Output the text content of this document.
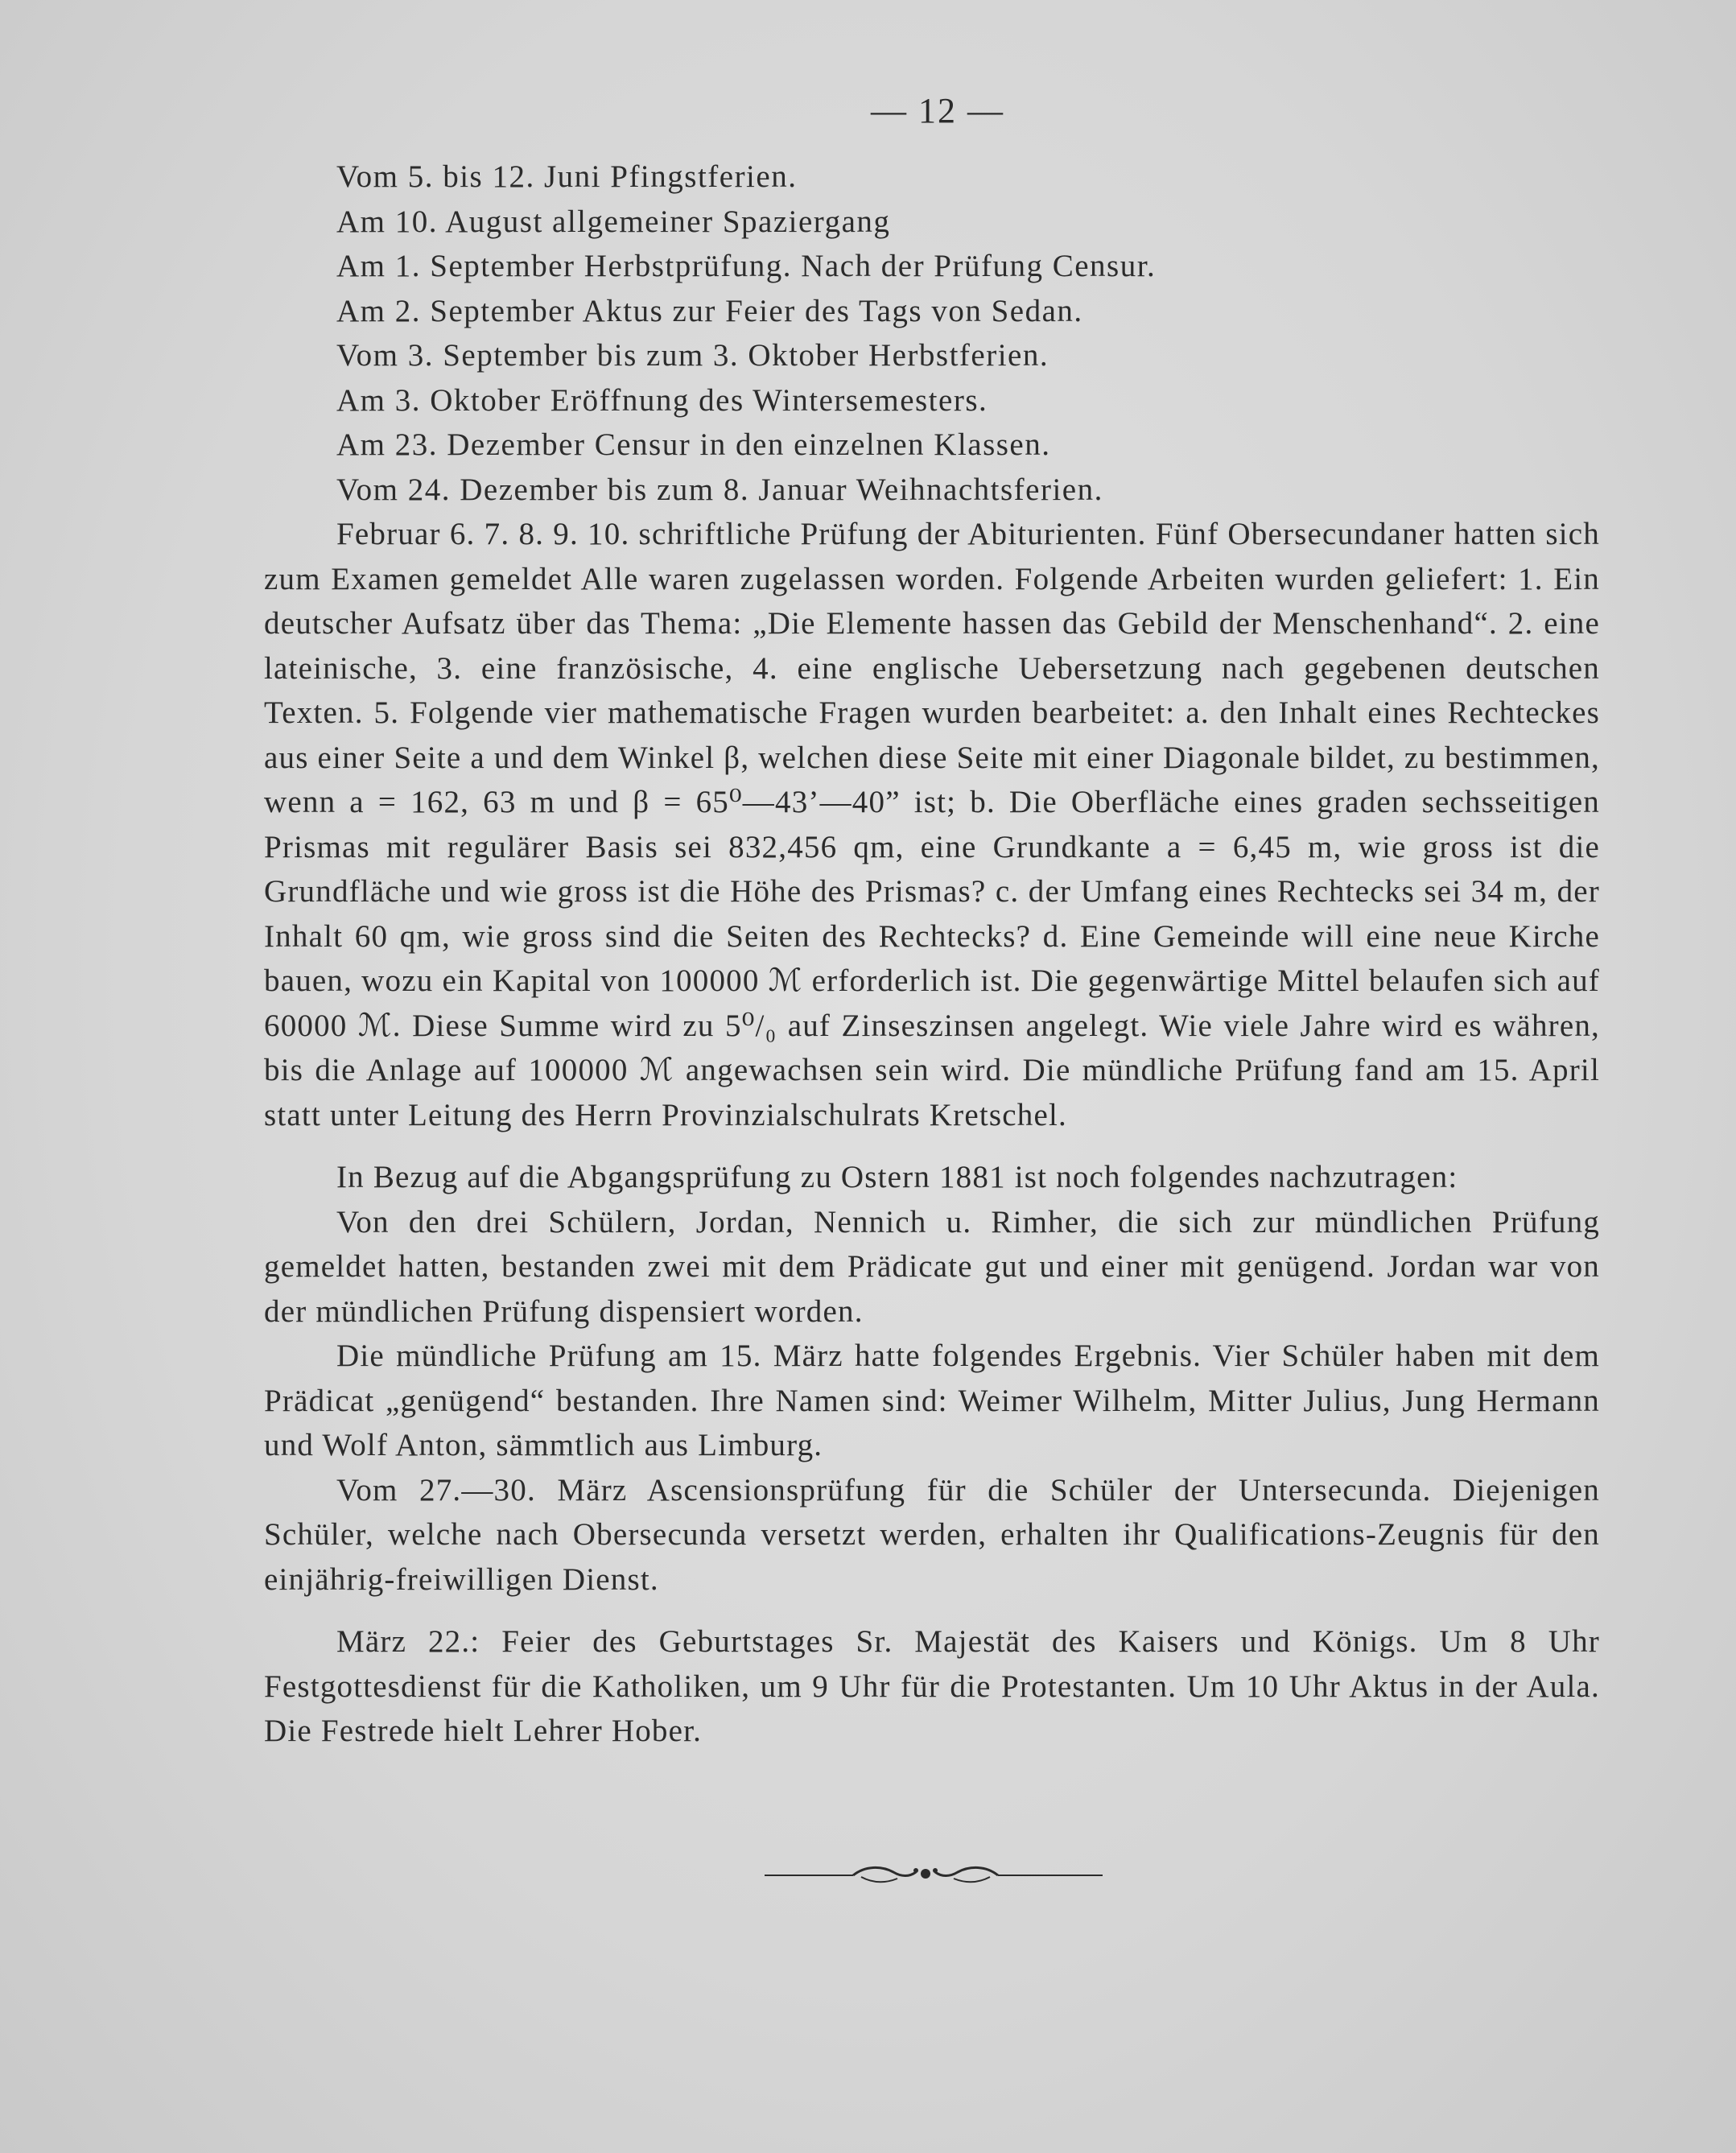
— 12 —
Vom 5. bis 12. Juni Pfingstferien.
Am 10. August allgemeiner Spaziergang
Am 1. September Herbstprüfung. Nach der Prüfung Censur.
Am 2. September Aktus zur Feier des Tags von Sedan.
Vom 3. September bis zum 3. Oktober Herbstferien.
Am 3. Oktober Eröffnung des Wintersemesters.
Am 23. Dezember Censur in den einzelnen Klassen.
Vom 24. Dezember bis zum 8. Januar Weihnachtsferien.

Februar 6. 7. 8. 9. 10. schriftliche Prüfung der Abiturienten. Fünf Obersecundaner hatten sich zum Examen gemeldet Alle waren zugelassen worden. Folgende Arbeiten wurden geliefert: 1. Ein deutscher Aufsatz über das Thema: „Die Elemente hassen das Gebild der Menschenhand“. 2. eine lateinische, 3. eine französische, 4. eine englische Uebersetzung nach gegebenen deutschen Texten. 5. Folgende vier mathematische Fragen wurden bearbeitet: a. den Inhalt eines Rechteckes aus einer Seite a und dem Winkel β, welchen diese Seite mit einer Diagonale bildet, zu bestimmen, wenn a = 162, 63 m und β = 65⁰—43’—40” ist; b. Die Oberfläche eines graden sechsseitigen Prismas mit regulärer Basis sei 832,456 qm, eine Grundkante a = 6,45 m, wie gross ist die Grundfläche und wie gross ist die Höhe des Prismas? c. der Umfang eines Rechtecks sei 34 m, der Inhalt 60 qm, wie gross sind die Seiten des Rechtecks? d. Eine Gemeinde will eine neue Kirche bauen, wozu ein Kapital von 100000 ℳ erforderlich ist. Die gegenwärtige Mittel belaufen sich auf 60000 ℳ. Diese Summe wird zu 5⁰/₀ auf Zinseszinsen angelegt. Wie viele Jahre wird es währen, bis die Anlage auf 100000 ℳ angewachsen sein wird. Die mündliche Prüfung fand am 15. April statt unter Leitung des Herrn Provinzialschulrats Kretschel.

In Bezug auf die Abgangsprüfung zu Ostern 1881 ist noch folgendes nachzutragen:

Von den drei Schülern, Jordan, Nennich u. Rimher, die sich zur mündlichen Prüfung gemeldet hatten, bestanden zwei mit dem Prädicate gut und einer mit genügend. Jordan war von der mündlichen Prüfung dispensiert worden.

Die mündliche Prüfung am 15. März hatte folgendes Ergebnis. Vier Schüler haben mit dem Prädicat „genügend“ bestanden. Ihre Namen sind: Weimer Wilhelm, Mitter Julius, Jung Hermann und Wolf Anton, sämmtlich aus Limburg.

Vom 27.—30. März Ascensionsprüfung für die Schüler der Untersecunda. Diejenigen Schüler, welche nach Obersecunda versetzt werden, erhalten ihr Qualifications-Zeugnis für den einjährig-freiwilligen Dienst.

März 22.: Feier des Geburtstages Sr. Majestät des Kaisers und Königs. Um 8 Uhr Festgottesdienst für die Katholiken, um 9 Uhr für die Protestanten. Um 10 Uhr Aktus in der Aula. Die Festrede hielt Lehrer Hober.
